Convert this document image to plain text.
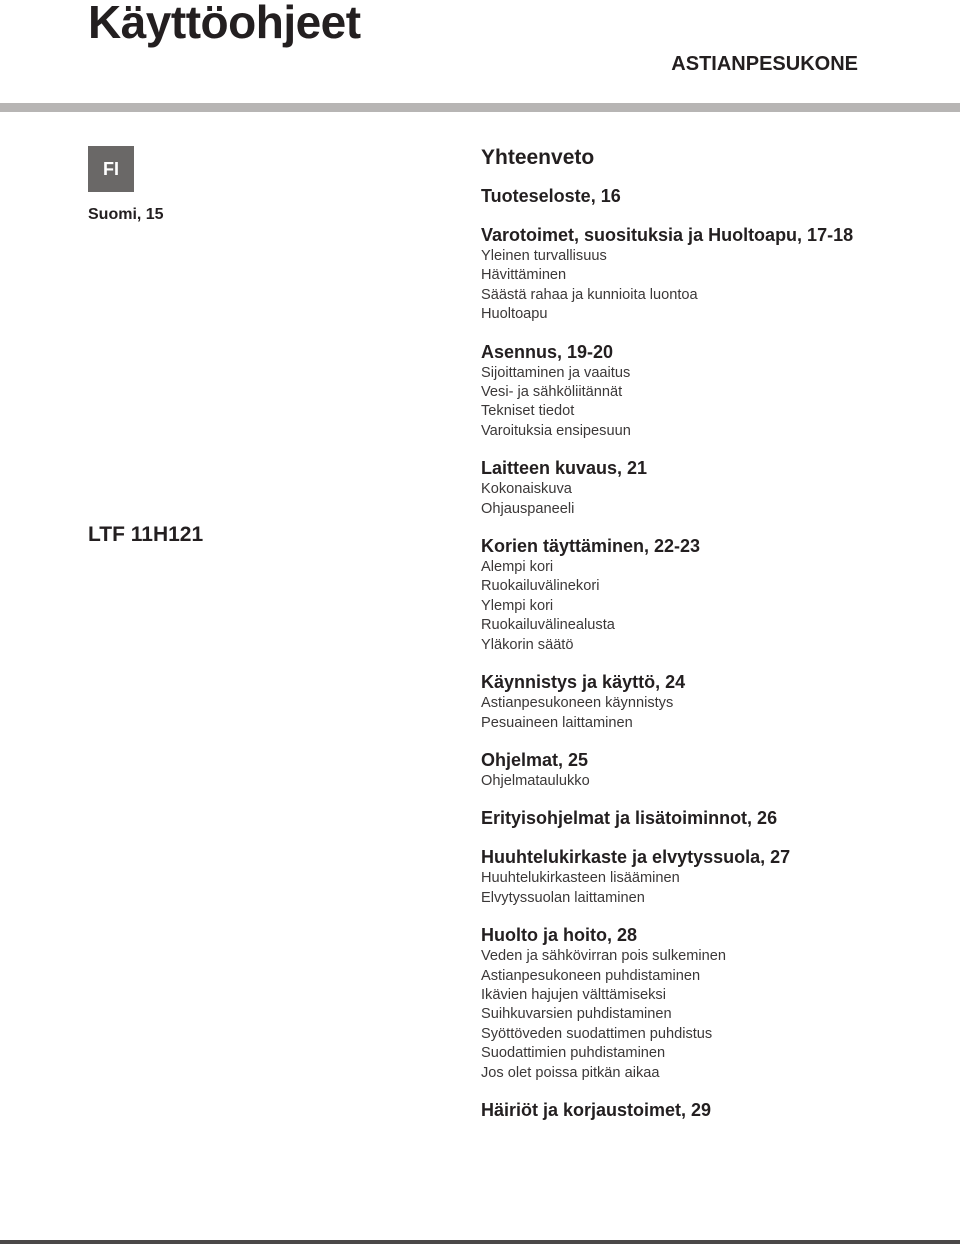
Käyttöohjeet
ASTIANPESUKONE
FI
Suomi, 15
LTF 11H121
Yhteenveto
Tuoteseloste, 16
Varotoimet, suosituksia ja Huoltoapu, 17-18
Yleinen turvallisuus
Hävittäminen
Säästä rahaa ja kunnioita luontoa
Huoltoapu
Asennus, 19-20
Sijoittaminen ja vaaitus
Vesi- ja sähköliitännät
Tekniset tiedot
Varoituksia ensipesuun
Laitteen kuvaus, 21
Kokonaiskuva
Ohjauspaneeli
Korien täyttäminen, 22-23
Alempi kori
Ruokailuvälinekori
Ylempi kori
Ruokailuvälinealusta
Yläkorin säätö
Käynnistys ja käyttö, 24
Astianpesukoneen käynnistys
Pesuaineen laittaminen
Ohjelmat, 25
Ohjelmataulukko
Erityisohjelmat ja lisätoiminnot, 26
Huuhtelukirkaste ja elvytyssuola, 27
Huuhtelukirkasteen lisääminen
Elvytyssuolan laittaminen
Huolto ja hoito, 28
Veden ja sähkövirran pois sulkeminen
Astianpesukoneen puhdistaminen
Ikävien hajujen välttämiseksi
Suihkuvarsien puhdistaminen
Syöttöveden suodattimen puhdistus
Suodattimien puhdistaminen
Jos olet poissa pitkän aikaa
Häiriöt ja korjaustoimet, 29
